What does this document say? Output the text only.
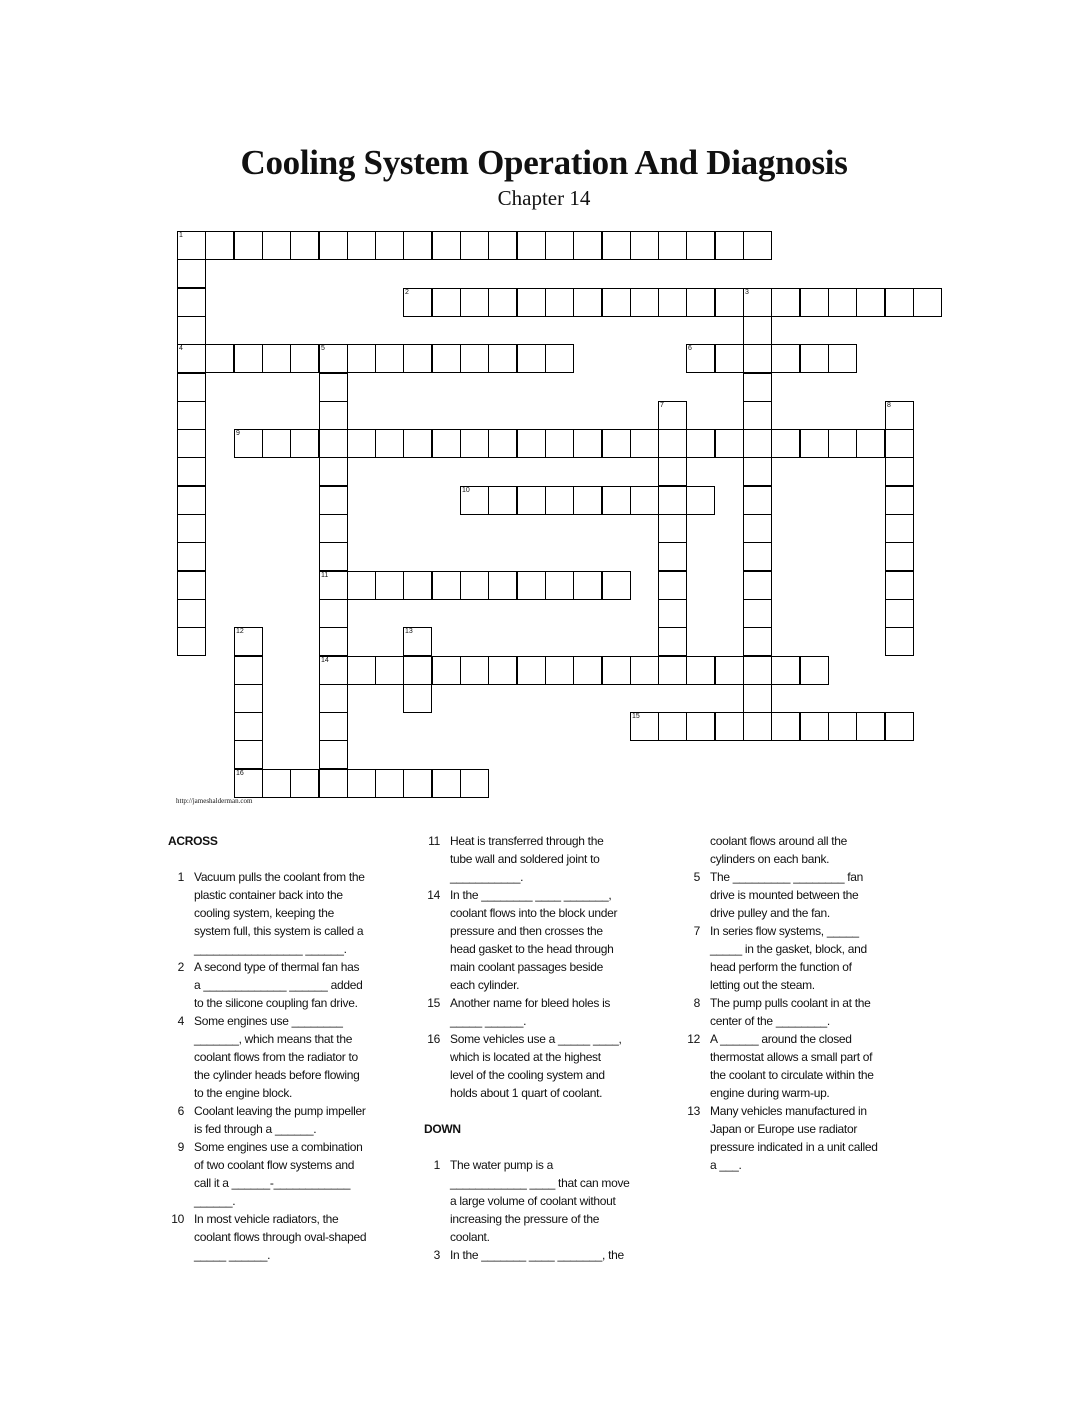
Cooling System Operation And Diagnosis
Chapter 14
1
4
2	3
5
11
14
6
7	8
9
10
12
16
13
15
http://jameshalderman.com
ACROSS
1 Vacuum pulls the coolant from the
plastic container back into the
cooling system, keeping the
system full, this system is called a
_________________ ______.
2 A second type of thermal fan has
a _____________ ______ added
to the silicone coupling fan drive.
4 Some engines use ________
_______, which means that the
coolant flows from the radiator to
the cylinder heads before flowing
to the engine block.
6 Coolant leaving the pump impeller
is fed through a ______.
9 Some engines use a combination
of two coolant flow systems and
call it a ______-____________
______.
10 In most vehicle radiators, the
coolant flows through oval-shaped
_____ ______.
11 Heat is transferred through the
tube wall and soldered joint to
___________.
14 In the ________ ____ _______,
coolant flows into the block under
pressure and then crosses the
head gasket to the head through
main coolant passages beside
each cylinder.
15 Another name for bleed holes is
_____ ______.
16 Some vehicles use a _____ ____,
which is located at the highest
level of the cooling system and
holds about 1 quart of coolant.
DOWN
1 The water pump is a
____________ ____ that can move
a large volume of coolant without
increasing the pressure of the
coolant.
3 In the _______ ____ _______, the
coolant flows around all the
cylinders on each bank.
5 The _________ ________ fan
drive is mounted between the
drive pulley and the fan.
7 In series flow systems, _____
_____ in the gasket, block, and
head perform the function of
letting out the steam.
8 The pump pulls coolant in at the
center of the ________.
12 A ______ around the closed
thermostat allows a small part of
the coolant to circulate within the
engine during warm-up.
13 Many vehicles manufactured in
Japan or Europe use radiator
pressure indicated in a unit called
a ___.
